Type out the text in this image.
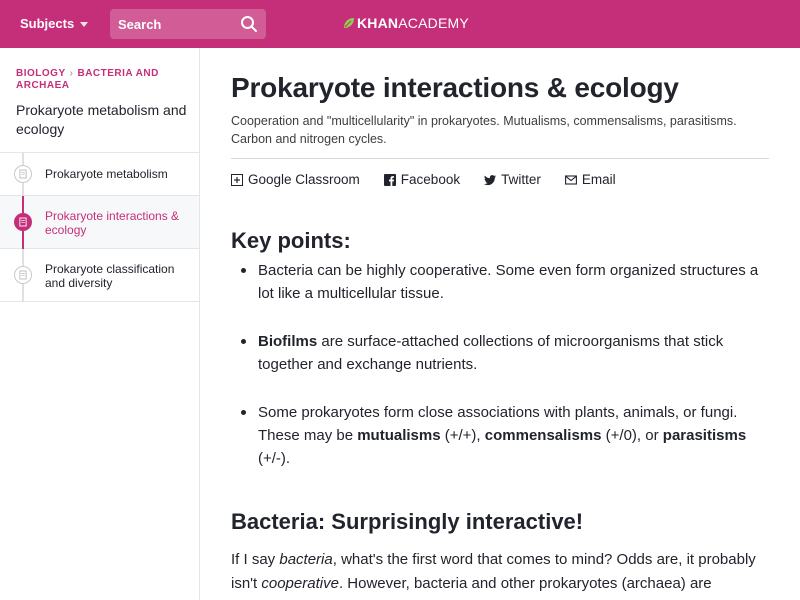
Subjects
Search	KHAN ACADEMY
BIOLOGY › BACTERIA AND ARCHAEA
Prokaryote metabolism and ecology
Prokaryote metabolism
Prokaryote interactions & ecology
Prokaryote classification and diversity
Prokaryote interactions & ecology

Cooperation and "multicellularity" in prokaryotes. Mutualisms, commensalisms, parasitisms. Carbon and nitrogen cycles.

Google Classroom	Facebook	Twitter	Email
Key points:
Bacteria can be highly cooperative. Some even form organized structures a lot like a multicellular tissue.
Biofilms are surface-attached collections of microorganisms that stick together and exchange nutrients.
Some prokaryotes form close associations with plants, animals, or fungi. These may be mutualisms (+/+), commensalisms (+/0), or parasitisms (+/-).
Bacteria: Surprisingly interactive!

If I say bacteria, what's the first word that comes to mind? Odds are, it probably isn't cooperative. However, bacteria and other prokaryotes (archaea) are
